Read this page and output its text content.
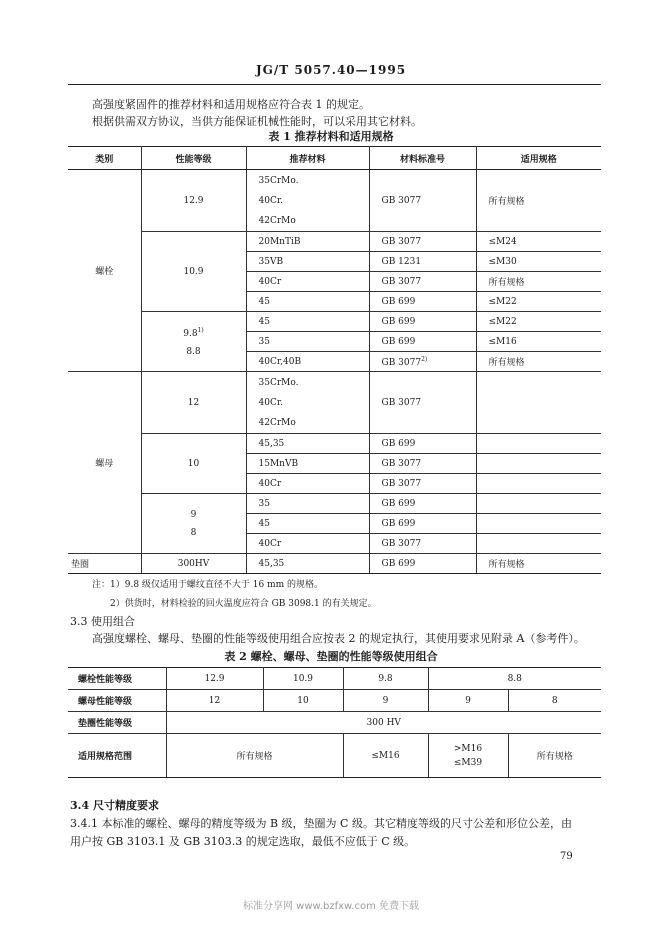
JG/T 5057.40—1995
高强度紧固件的推荐材料和适用规格应符合表 1 的规定。
根据供需双方协议，当供方能保证机械性能时，可以采用其它材料。
表 1 推荐材料和适用规格
类别	性能等级	推荐材料	材料标准号	适用规格
螺栓	12.9	35CrMo.
40Cr.
42CrMo	GB 3077	所有规格
	10.9	20MnTiB	GB 3077	≤M24
		35VB	GB 1231	≤M30
		40Cr	GB 3077	所有规格
		45	GB 699	≤M22
	9.8$^{1)}$
8.8	45	GB 699	≤M22
		35	GB 699	≤M16
		40Cr,40B	GB 3077$^{2)}$	所有规格
螺母	12	35CrMo.
40Cr.
42CrMo	GB 3077	
	10	45,35	GB 699	
		15MnVB	GB 3077	
		40Cr	GB 3077	
	9
8	35	GB 699	
		45	GB 699	
		40Cr	GB 3077	
垫圈	300HV	45,35	GB 699	所有规格
注：1）9.8 级仅适用于螺纹直径不大于 16 mm 的规格。
2）供货时，材料检验的回火温度应符合 GB 3098.1 的有关规定。
3.3 使用组合
高强度螺栓、螺母、垫圈的性能等级使用组合应按表 2 的规定执行，其使用要求见附录 A（参考件）。
表 2 螺栓、螺母、垫圈的性能等级使用组合
螺栓性能等级	12.9	10.9	9.8	8.8	
螺母性能等级	12	10	9	9	8
垫圈性能等级	300 HV				
适用规格范围	所有规格		≤M16	>M16
≤M39	所有规格
3.4 尺寸精度要求
3.4.1 本标准的螺栓、螺母的精度等级为 B 级，垫圈为 C 级。其它精度等级的尺寸公差和形位公差，由
用户按 GB 3103.1 及 GB 3103.3 的规定选取，最低不应低于 C 级。
79
标准分享网 www.bzfxw.com 免费下载
